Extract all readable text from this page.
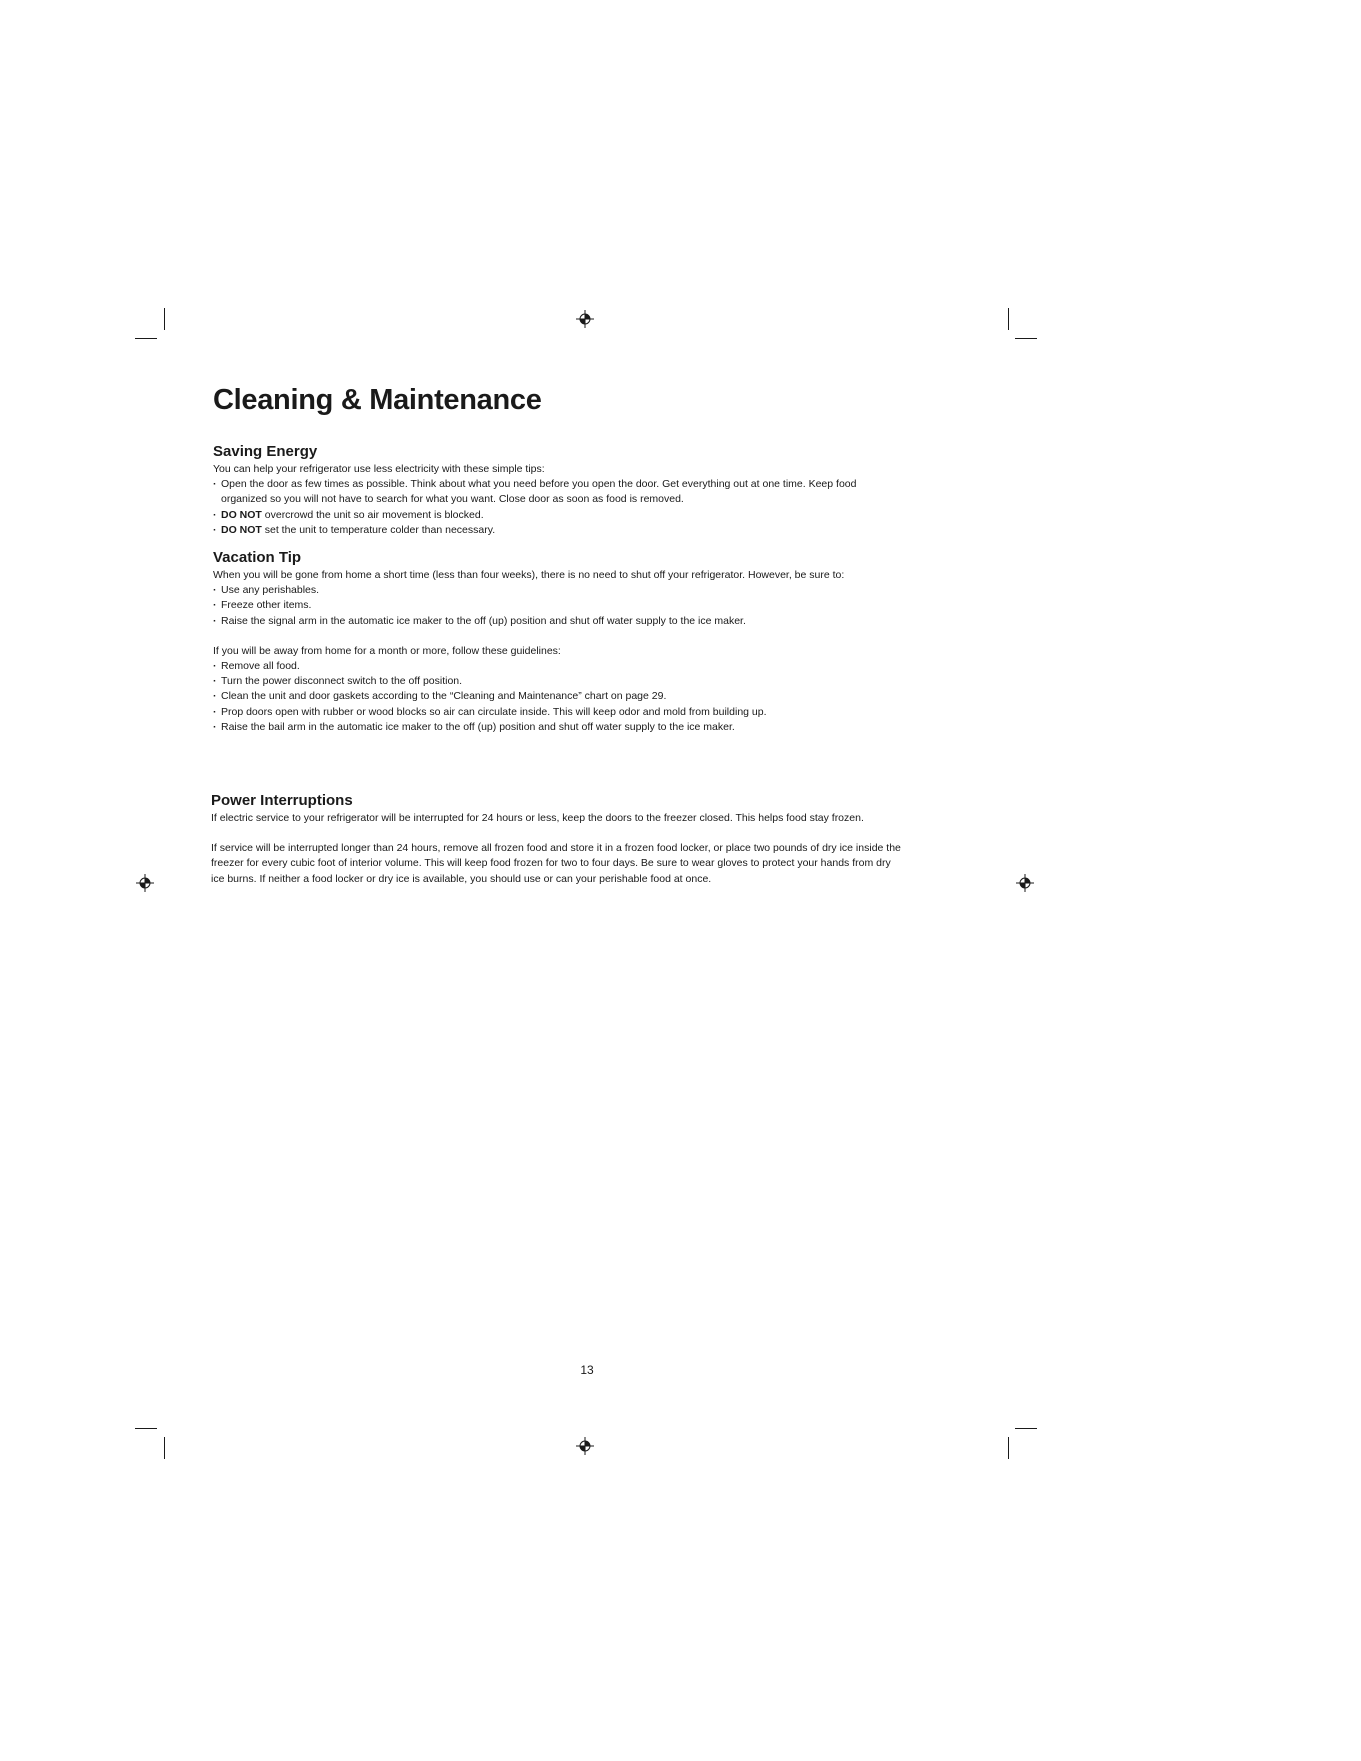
Cleaning & Maintenance
Saving Energy

You can help your refrigerator use less electricity with these simple tips:

· Open the door as few times as possible. Think about what you need before you open the door. Get everything out at one time. Keep food organized so you will not have to search for what you want. Close door as soon as food is removed.
· DO NOT overcrowd the unit so air movement is blocked.
· DO NOT set the unit to temperature colder than necessary.
Vacation Tip

When you will be gone from home a short time (less than four weeks), there is no need to shut off your refrigerator. However, be sure to:

· Use any perishables.
· Freeze other items.
· Raise the signal arm in the automatic ice maker to the off (up) position and shut off water supply to the ice maker.

If you will be away from home for a month or more, follow these guidelines:

· Remove all food.
· Turn the power disconnect switch to the off position.
· Clean the unit and door gaskets according to the “Cleaning and Maintenance” chart on page 29.
· Prop doors open with rubber or wood blocks so air can circulate inside. This will keep odor and mold from building up.
· Raise the bail arm in the automatic ice maker to the off (up) position and shut off water supply to the ice maker.
Power Interruptions

If electric service to your refrigerator will be interrupted for 24 hours or less, keep the doors to the freezer closed. This helps food stay frozen.

If service will be interrupted longer than 24 hours, remove all frozen food and store it in a frozen food locker, or place two pounds of dry ice inside the freezer for every cubic foot of interior volume. This will keep food frozen for two to four days. Be sure to wear gloves to protect your hands from dry ice burns. If neither a food locker or dry ice is available, you should use or can your perishable food at once.

13
